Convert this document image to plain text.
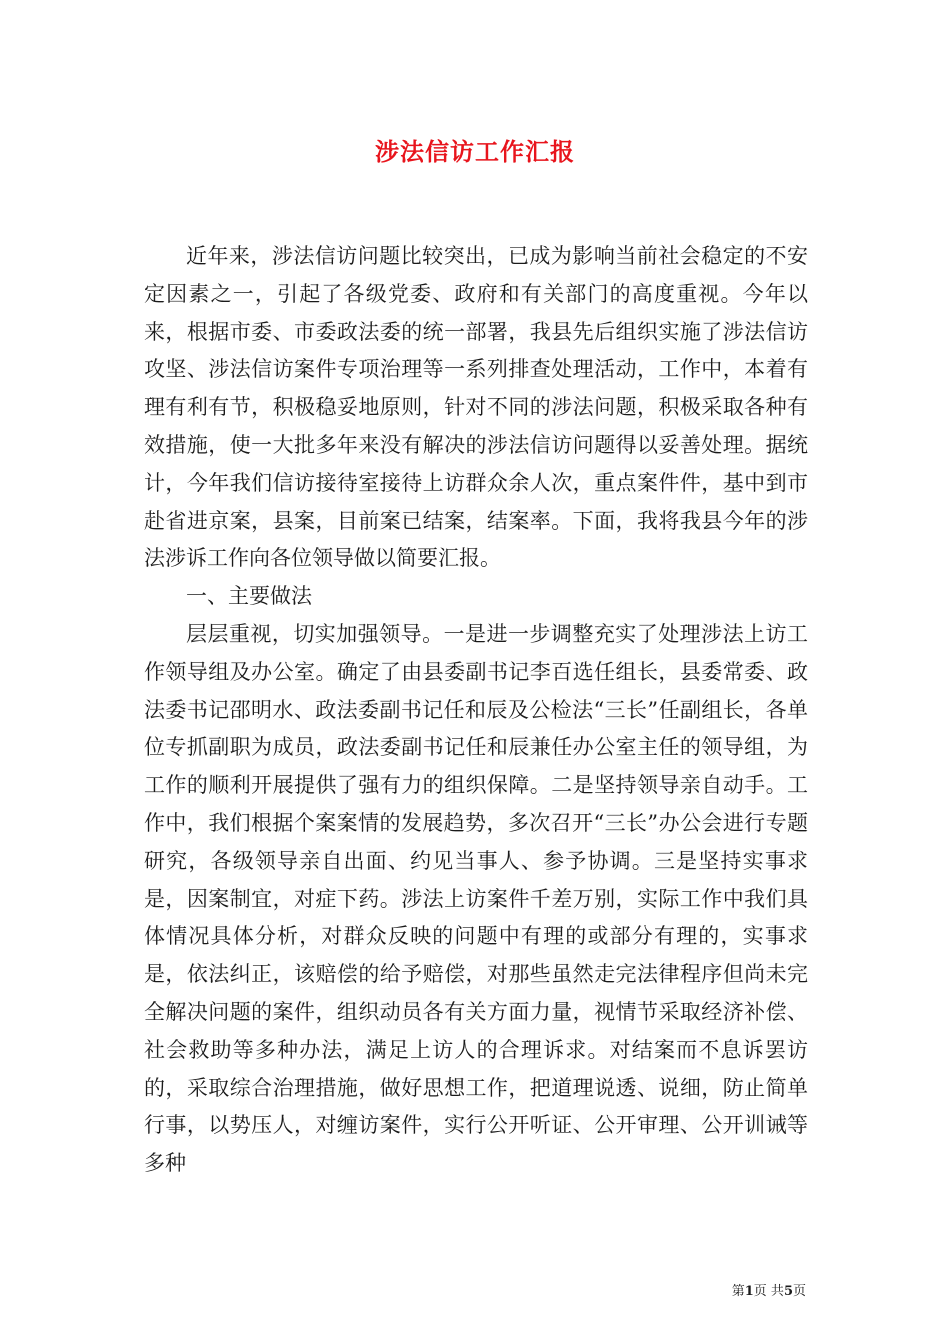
涉法信访工作汇报

近年来，涉法信访问题比较突出，已成为影响当前社会稳定的不安定因素之一，引起了各级党委、政府和有关部门的高度重视。今年以来，根据市委、市委政法委的统一部署，我县先后组织实施了涉法信访攻坚、涉法信访案件专项治理等一系列排查处理活动，工作中，本着有理有利有节，积极稳妥地原则，针对不同的涉法问题，积极采取各种有效措施，使一大批多年来没有解决的涉法信访问题得以妥善处理。据统计，今年我们信访接待室接待上访群众余人次，重点案件件，基中到市赴省进京案，县案，目前案已结案，结案率。下面，我将我县今年的涉法涉诉工作向各位领导做以简要汇报。

一、主要做法

层层重视，切实加强领导。一是进一步调整充实了处理涉法上访工作领导组及办公室。确定了由县委副书记李百选任组长，县委常委、政法委书记邵明水、政法委副书记任和辰及公检法“三长”任副组长，各单位专抓副职为成员，政法委副书记任和辰兼任办公室主任的领导组，为工作的顺利开展提供了强有力的组织保障。二是坚持领导亲自动手。工作中，我们根据个案案情的发展趋势，多次召开“三长”办公会进行专题研究，各级领导亲自出面、约见当事人、参予协调。三是坚持实事求是，因案制宜，对症下药。涉法上访案件千差万别，实际工作中我们具体情况具体分析，对群众反映的问题中有理的或部分有理的，实事求是，依法纠正，该赔偿的给予赔偿，对那些虽然走完法律程序但尚未完全解决问题的案件，组织动员各有关方面力量，视情节采取经济补偿、社会救助等多种办法，满足上访人的合理诉求。对结案而不息诉罢访的，采取综合治理措施，做好思想工作，把道理说透、说细，防止简单行事，以势压人，对缠访案件，实行公开听证、公开审理、公开训诫等多种

第1页 共5页
